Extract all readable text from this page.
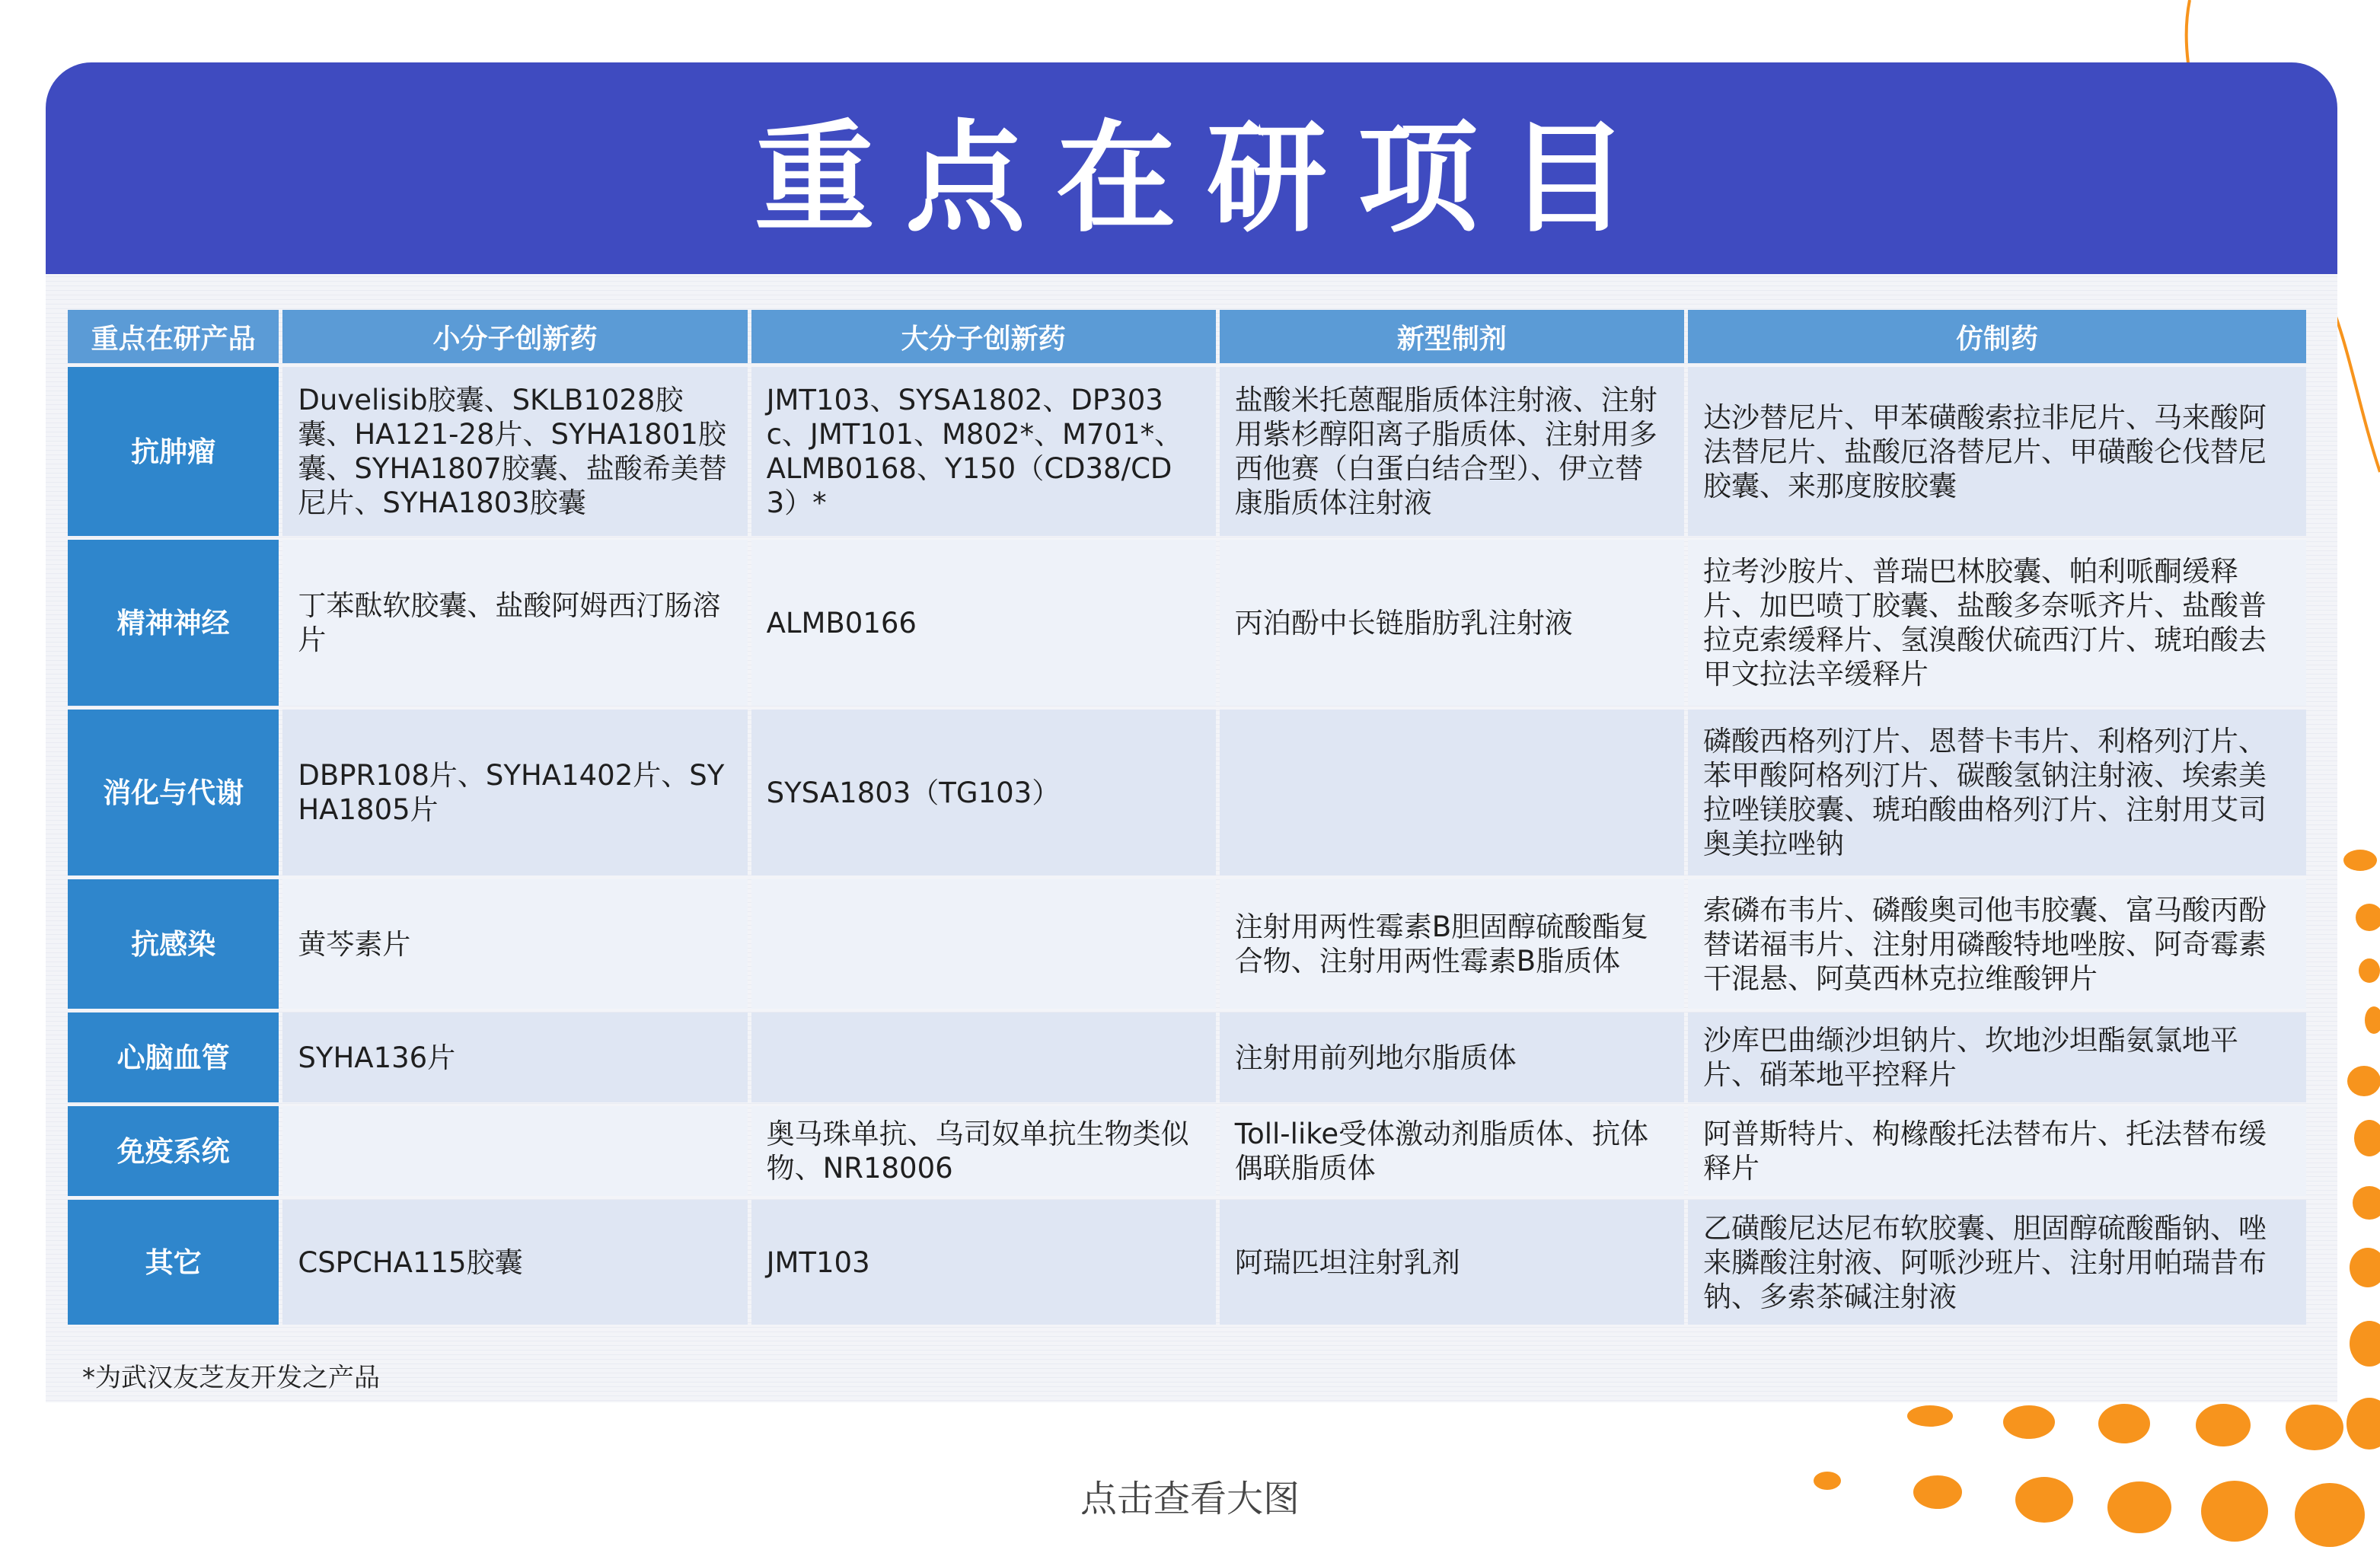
重点在研项目
重点在研产品	小分子创新药	大分子创新药	新型制剂	仿制药
抗肿瘤	Duvelisib胶囊、SKLB1028胶囊、HA121-28片、SYHA1801胶囊、SYHA1807胶囊、盐酸希美替尼片、SYHA1803胶囊	JMT103、SYSA1802、DP303c、JMT101、M802*、M701*、ALMB0168、Y150（CD38/CD3）*	盐酸米托蒽醌脂质体注射液、注射用紫杉醇阳离子脂质体、注射用多西他赛（白蛋白结合型）、伊立替康脂质体注射液	达沙替尼片、甲苯磺酸索拉非尼片、马来酸阿法替尼片、盐酸厄洛替尼片、甲磺酸仑伐替尼胶囊、来那度胺胶囊
精神神经	丁苯酞软胶囊、盐酸阿姆西汀肠溶片	ALMB0166	丙泊酚中长链脂肪乳注射液	拉考沙胺片、普瑞巴林胶囊、帕利哌酮缓释片、加巴喷丁胶囊、盐酸多奈哌齐片、盐酸普拉克索缓释片、氢溴酸伏硫西汀片、琥珀酸去甲文拉法辛缓释片
消化与代谢	DBPR108片、SYHA1402片、SYHA1805片	SYSA1803（TG103）		磷酸西格列汀片、恩替卡韦片、利格列汀片、苯甲酸阿格列汀片、碳酸氢钠注射液、埃索美拉唑镁胶囊、琥珀酸曲格列汀片、注射用艾司奥美拉唑钠
抗感染	黄芩素片		注射用两性霉素B胆固醇硫酸酯复合物、注射用两性霉素B脂质体	索磷布韦片、磷酸奥司他韦胶囊、富马酸丙酚替诺福韦片、注射用磷酸特地唑胺、阿奇霉素干混悬、阿莫西林克拉维酸钾片
心脑血管	SYHA136片		注射用前列地尔脂质体	沙库巴曲缬沙坦钠片、坎地沙坦酯氨氯地平片、硝苯地平控释片
免疫系统		奥马珠单抗、乌司奴单抗生物类似物、NR18006	Toll-like受体激动剂脂质体、抗体偶联脂质体	阿普斯特片、枸橼酸托法替布片、托法替布缓释片
其它	CSPCHA115胶囊	JMT103	阿瑞匹坦注射乳剂	乙磺酸尼达尼布软胶囊、胆固醇硫酸酯钠、唑来膦酸注射液、阿哌沙班片、注射用帕瑞昔布钠、多索茶碱注射液
*为武汉友芝友开发之产品
点击查看大图
